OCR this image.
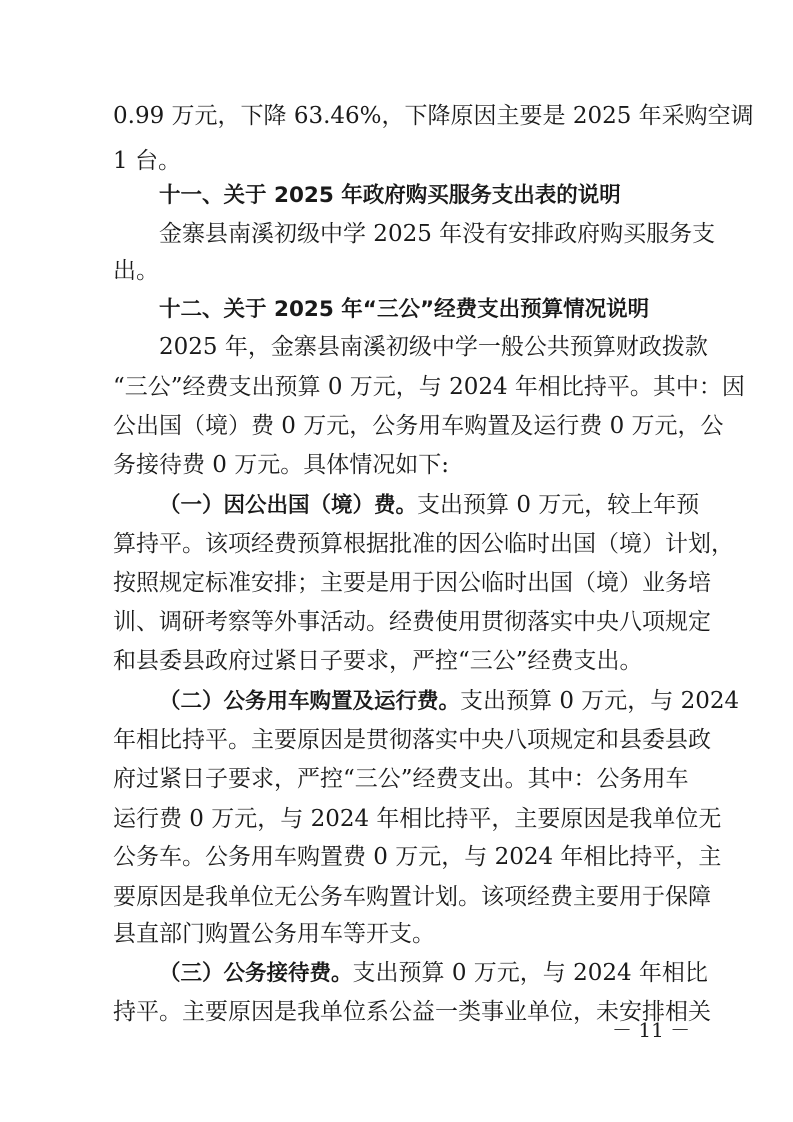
0.99 万元，下降 63.46%，下降原因主要是 2025 年采购空调
1 台。
十一、关于 2025 年政府购买服务支出表的说明
金寨县南溪初级中学 2025 年没有安排政府购买服务支
出。
十二、关于 2025 年“三公”经费支出预算情况说明
2025 年，金寨县南溪初级中学一般公共预算财政拨款
“三公”经费支出预算 0 万元，与 2024 年相比持平。其中：因
公出国（境）费 0 万元，公务用车购置及运行费 0 万元，公
务接待费 0 万元。具体情况如下:
（一）因公出国（境）费。支出预算 0 万元，较上年预
算持平。该项经费预算根据批准的因公临时出国（境）计划，
按照规定标准安排；主要是用于因公临时出国（境）业务培
训、调研考察等外事活动。经费使用贯彻落实中央八项规定
和县委县政府过紧日子要求，严控“三公”经费支出。
（二）公务用车购置及运行费。支出预算 0 万元，与 2024
年相比持平。主要原因是贯彻落实中央八项规定和县委县政
府过紧日子要求，严控“三公”经费支出。其中：公务用车
运行费 0 万元，与 2024 年相比持平，主要原因是我单位无
公务车。公务用车购置费 0 万元，与 2024 年相比持平，主
要原因是我单位无公务车购置计划。该项经费主要用于保障
县直部门购置公务用车等开支。
（三）公务接待费。支出预算 0 万元，与 2024 年相比
持平。主要原因是我单位系公益一类事业单位，未安排相关
－ 11 －
